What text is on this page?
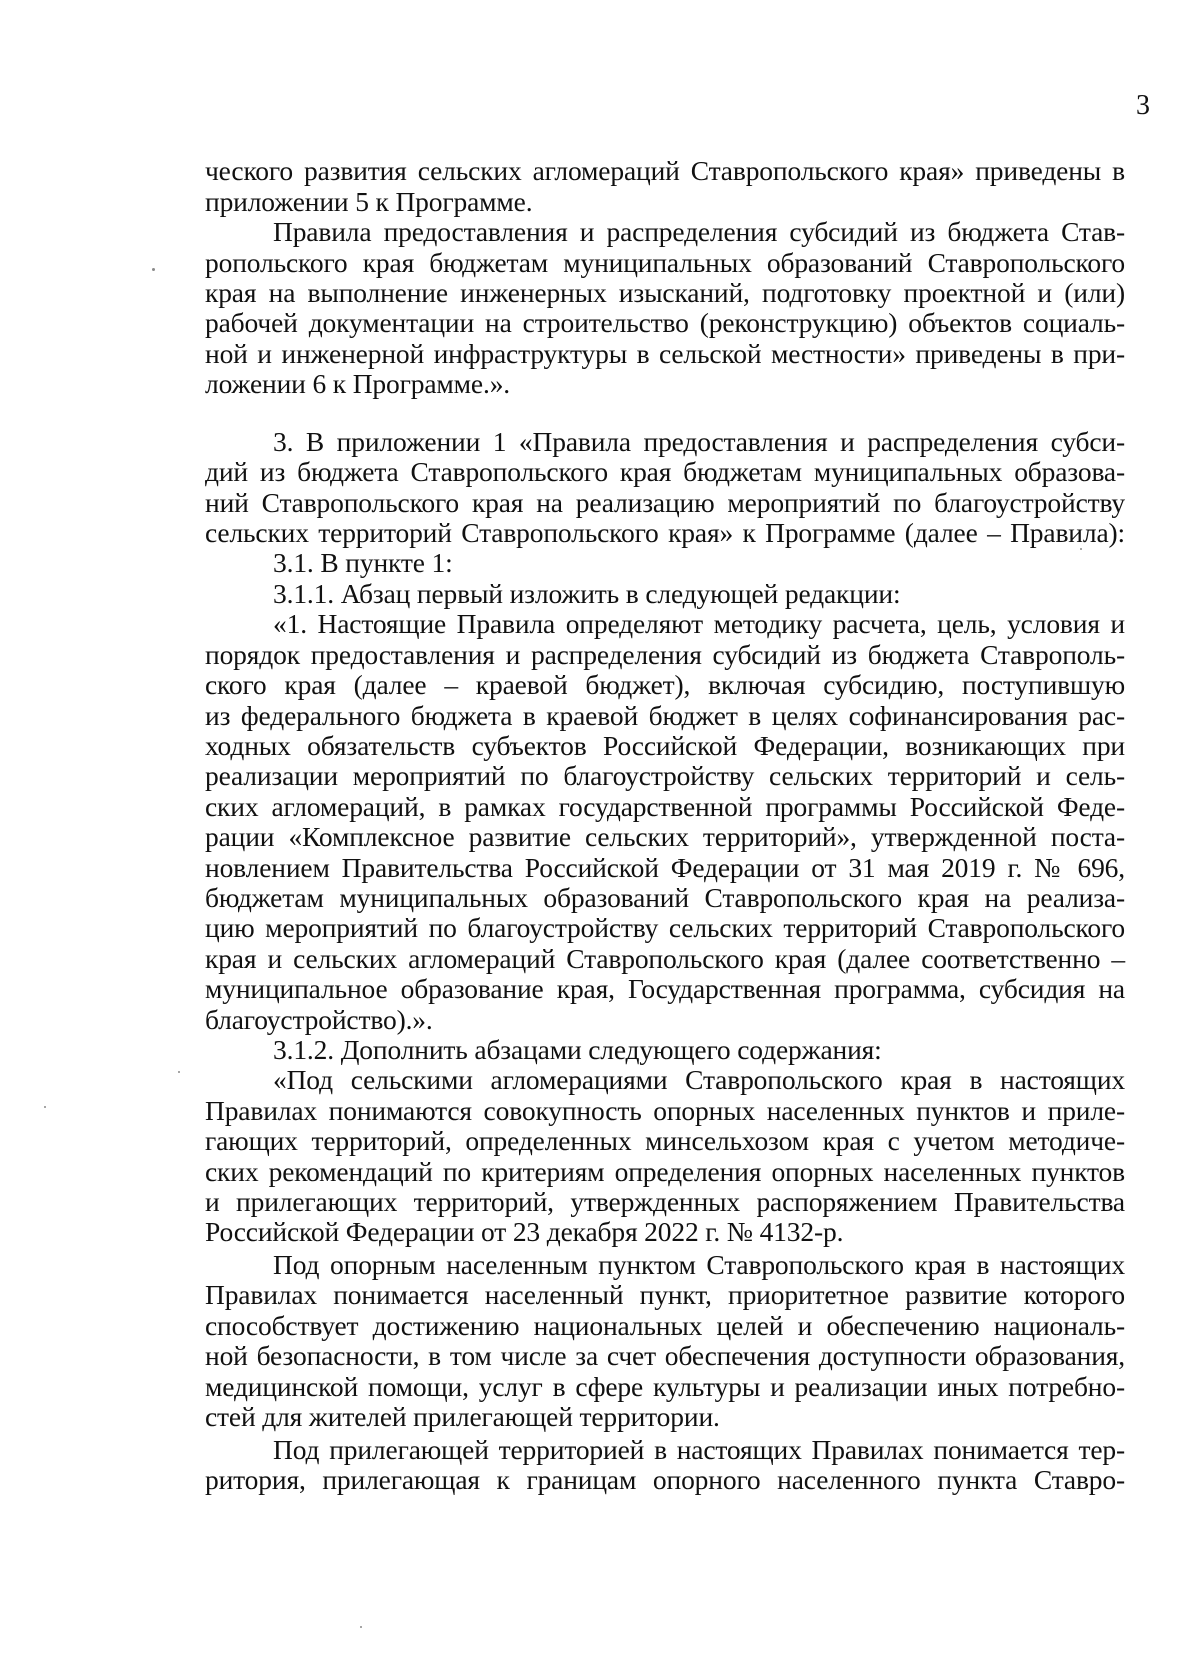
3
ческого развития сельских агломераций Ставропольского края» приведены в
приложении 5 к Программе.
Правила предоставления и распределения субсидий из бюджета Став-
ропольского края бюджетам муниципальных образований Ставропольского
края на выполнение инженерных изысканий, подготовку проектной и (или)
рабочей документации на строительство (реконструкцию) объектов социаль-
ной и инженерной инфраструктуры в сельской местности» приведены в при-
ложении 6 к Программе.».
3. В приложении 1 «Правила предоставления и распределения субси-
дий из бюджета Ставропольского края бюджетам муниципальных образова-
ний Ставропольского края на реализацию мероприятий по благоустройству
сельских территорий Ставропольского края» к Программе (далее – Правила):
3.1. В пункте 1:
3.1.1. Абзац первый изложить в следующей редакции:
«1. Настоящие Правила определяют методику расчета, цель, условия и
порядок предоставления и распределения субсидий из бюджета Ставрополь-
ского края (далее – краевой бюджет), включая субсидию, поступившую
из федерального бюджета в краевой бюджет в целях софинансирования рас-
ходных обязательств субъектов Российской Федерации, возникающих при
реализации мероприятий по благоустройству сельских территорий и сель-
ских агломераций, в рамках государственной программы Российской Феде-
рации «Комплексное развитие сельских территорий», утвержденной поста-
новлением Правительства Российской Федерации от 31 мая 2019 г. № 696,
бюджетам муниципальных образований Ставропольского края на реализа-
цию мероприятий по благоустройству сельских территорий Ставропольского
края и сельских агломераций Ставропольского края (далее соответственно –
муниципальное образование края, Государственная программа, субсидия на
благоустройство).».
3.1.2. Дополнить абзацами следующего содержания:
«Под сельскими агломерациями Ставропольского края в настоящих
Правилах понимаются совокупность опорных населенных пунктов и приле-
гающих территорий, определенных минсельхозом края с учетом методиче-
ских рекомендаций по критериям определения опорных населенных пунктов
и прилегающих территорий, утвержденных распоряжением Правительства
Российской Федерации от 23 декабря 2022 г. № 4132-р.
Под опорным населенным пунктом Ставропольского края в настоящих
Правилах понимается населенный пункт, приоритетное развитие которого
способствует достижению национальных целей и обеспечению националь-
ной безопасности, в том числе за счет обеспечения доступности образования,
медицинской помощи, услуг в сфере культуры и реализации иных потребно-
стей для жителей прилегающей территории.
Под прилегающей территорией в настоящих Правилах понимается тер-
ритория, прилегающая к границам опорного населенного пункта Ставро-
